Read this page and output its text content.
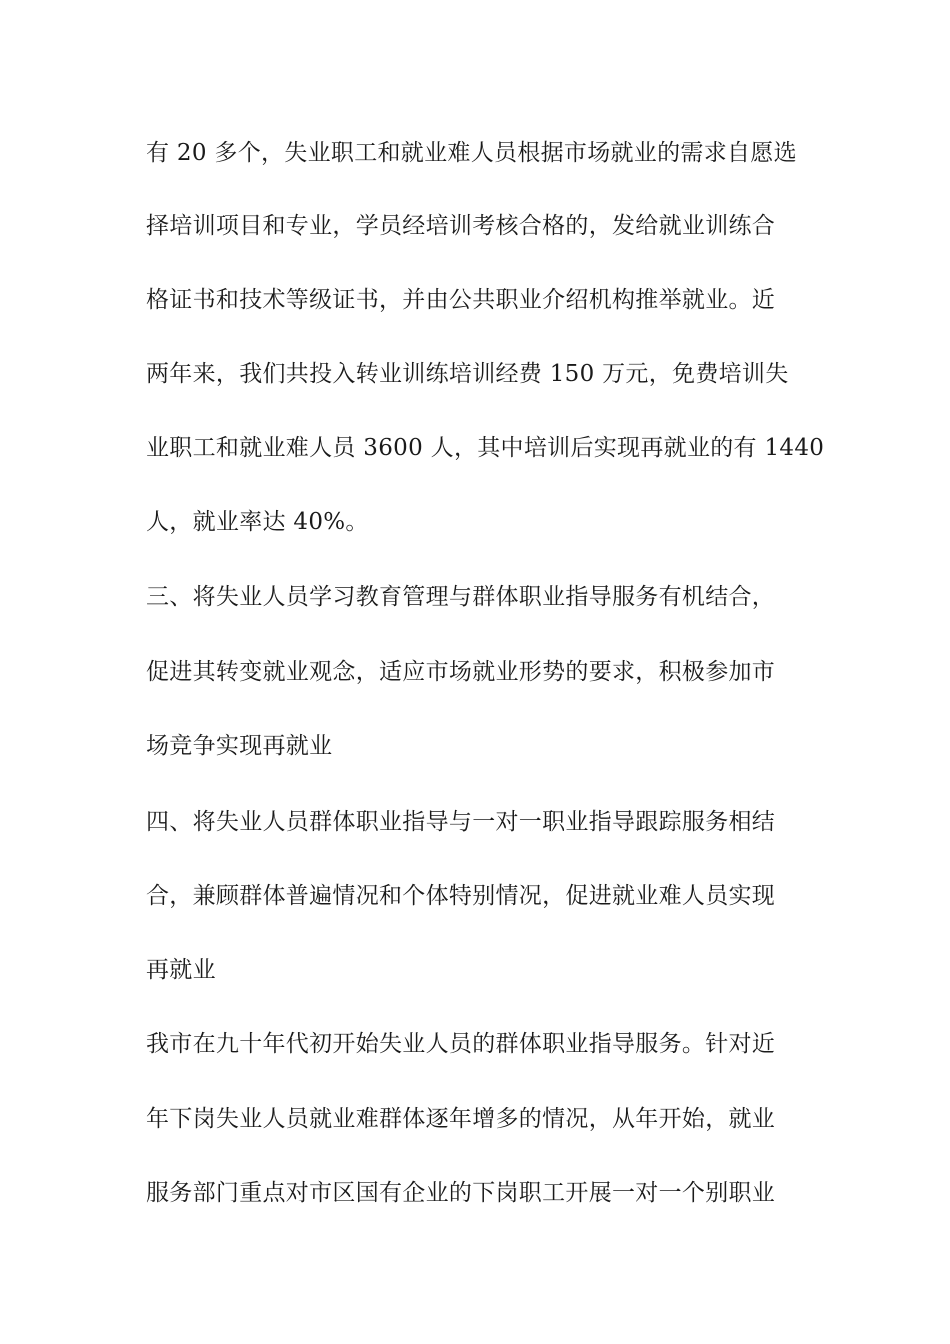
有 20 多个，失业职工和就业难人员根据市场就业的需求自愿选
择培训项目和专业，学员经培训考核合格的，发给就业训练合
格证书和技术等级证书，并由公共职业介绍机构推举就业。近
两年来，我们共投入转业训练培训经费 150 万元，免费培训失
业职工和就业难人员 3600 人，其中培训后实现再就业的有 1440
人，就业率达 40%。
三、将失业人员学习教育管理与群体职业指导服务有机结合，
促进其转变就业观念，适应市场就业形势的要求，积极参加市
场竞争实现再就业
四、将失业人员群体职业指导与一对一职业指导跟踪服务相结
合，兼顾群体普遍情况和个体特别情况，促进就业难人员实现
再就业
我市在九十年代初开始失业人员的群体职业指导服务。针对近
年下岗失业人员就业难群体逐年增多的情况，从年开始，就业
服务部门重点对市区国有企业的下岗职工开展一对一个别职业
